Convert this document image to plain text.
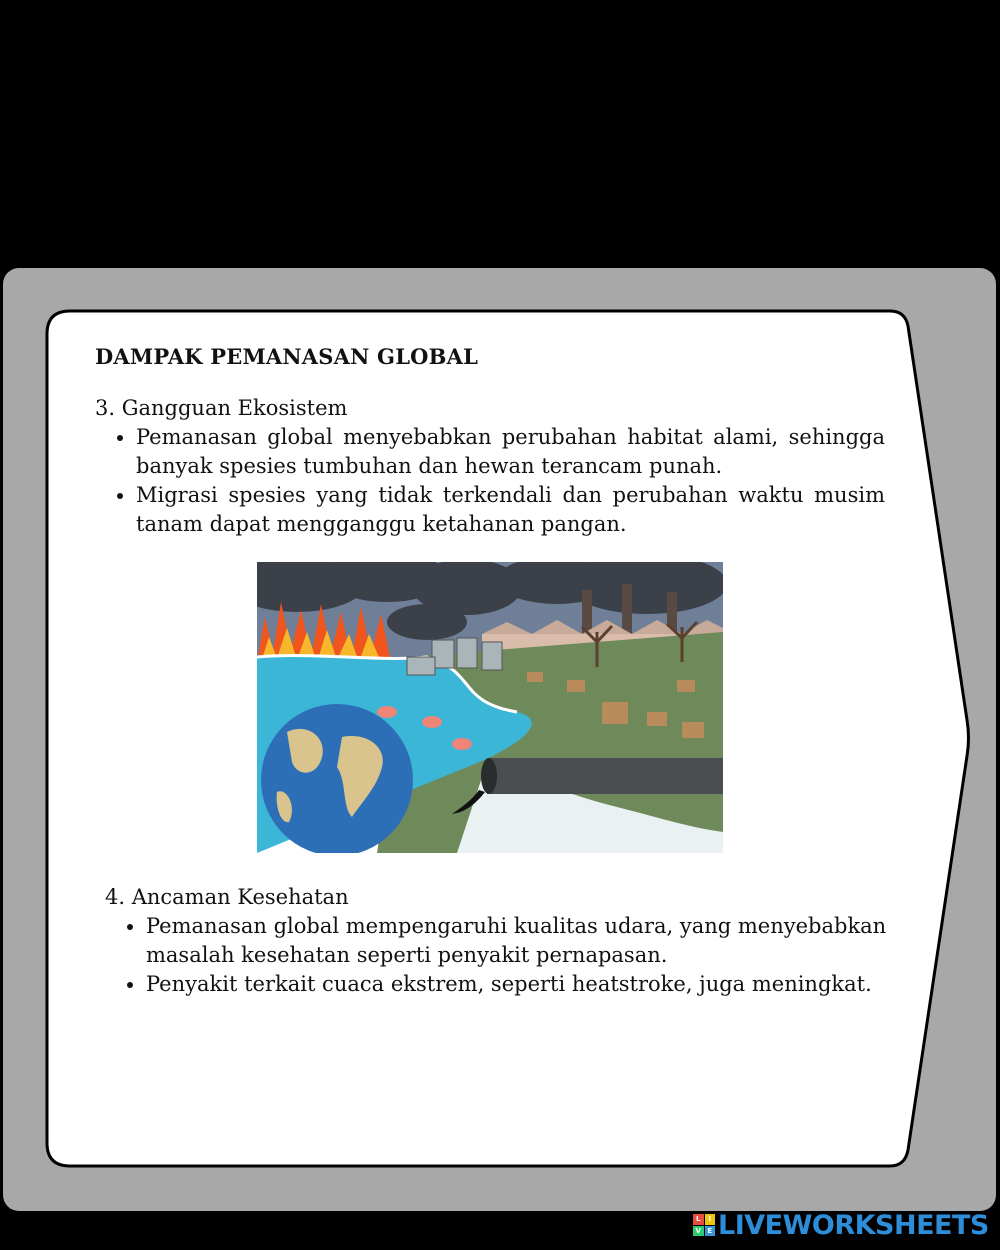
DAMPAK PEMANASAN GLOBAL

3. Gangguan Ekosistem

• Pemanasan global menyebabkan perubahan habitat alami, sehingga banyak spesies tumbuhan dan hewan terancam punah.
• Migrasi spesies yang tidak terkendali dan perubahan waktu musim tanam dapat mengganggu ketahanan pangan.

4. Ancaman Kesehatan

• Pemanasan global mempengaruhi kualitas udara, yang menyebabkan masalah kesehatan seperti penyakit pernapasan.
• Penyakit terkait cuaca ekstrem, seperti heatstroke, juga meningkat.
L	I
V E LIVEWORKSHEETS
